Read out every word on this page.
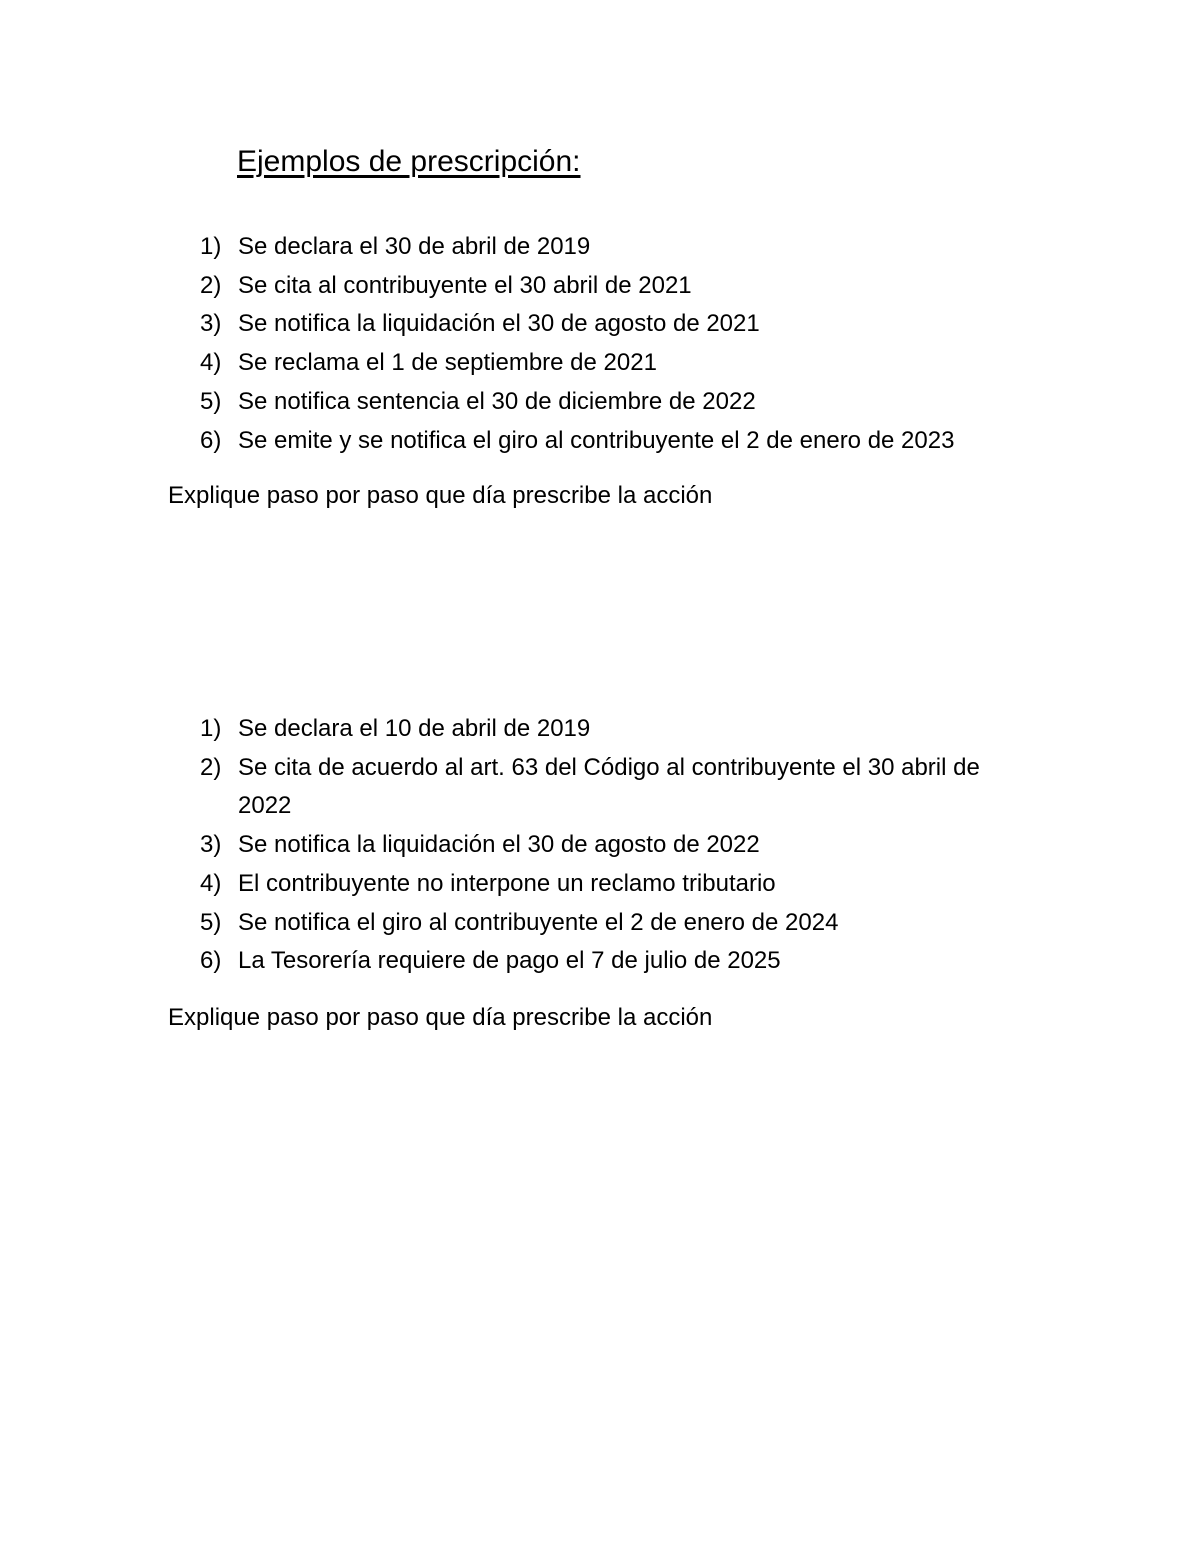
Ejemplos de prescripción:
1) Se declara el 30 de abril de 2019
2) Se cita al contribuyente el 30 abril de 2021
3) Se notifica la liquidación el 30 de agosto de 2021
4) Se reclama el 1 de septiembre de 2021
5) Se notifica sentencia el 30 de diciembre de 2022
6) Se emite y se notifica el giro al contribuyente el 2 de enero de 2023
Explique paso por paso que día prescribe la acción
1) Se declara el 10 de abril de 2019
2) Se cita de acuerdo al art. 63 del Código al contribuyente el 30 abril de 2022
3) Se notifica la liquidación el 30 de agosto de 2022
4) El contribuyente no interpone un reclamo tributario
5) Se notifica el giro al contribuyente el 2 de enero de 2024
6) La Tesorería requiere de pago el 7 de julio de 2025
Explique paso por paso que día prescribe la acción
